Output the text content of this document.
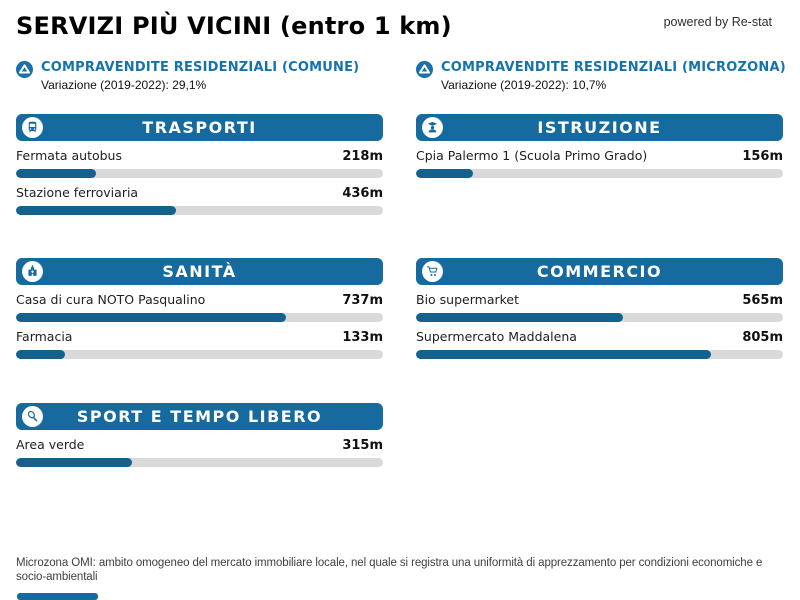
SERVIZI PIÙ VICINI (entro 1 km)	powered by Re-stat
COMPRAVENDITE RESIDENZIALI (COMUNE)
Variazione (2019-2022): 29,1%
COMPRAVENDITE RESIDENZIALI (MICROZONA)
Variazione (2019-2022): 10,7%
TRASPORTI
Fermata autobus	218m
Stazione ferroviaria	436m
ISTRUZIONE
Cpia Palermo 1 (Scuola Primo Grado)	156m
SANITÀ
Casa di cura NOTO Pasqualino	737m
Farmacia	133m
COMMERCIO
Bio supermarket	565m
Supermercato Maddalena	805m
SPORT E TEMPO LIBERO
Area verde	315m
Microzona OMI: ambito omogeneo del mercato immobiliare locale, nel quale si registra una uniformità di apprezzamento per condizioni economiche e socio-ambientali
